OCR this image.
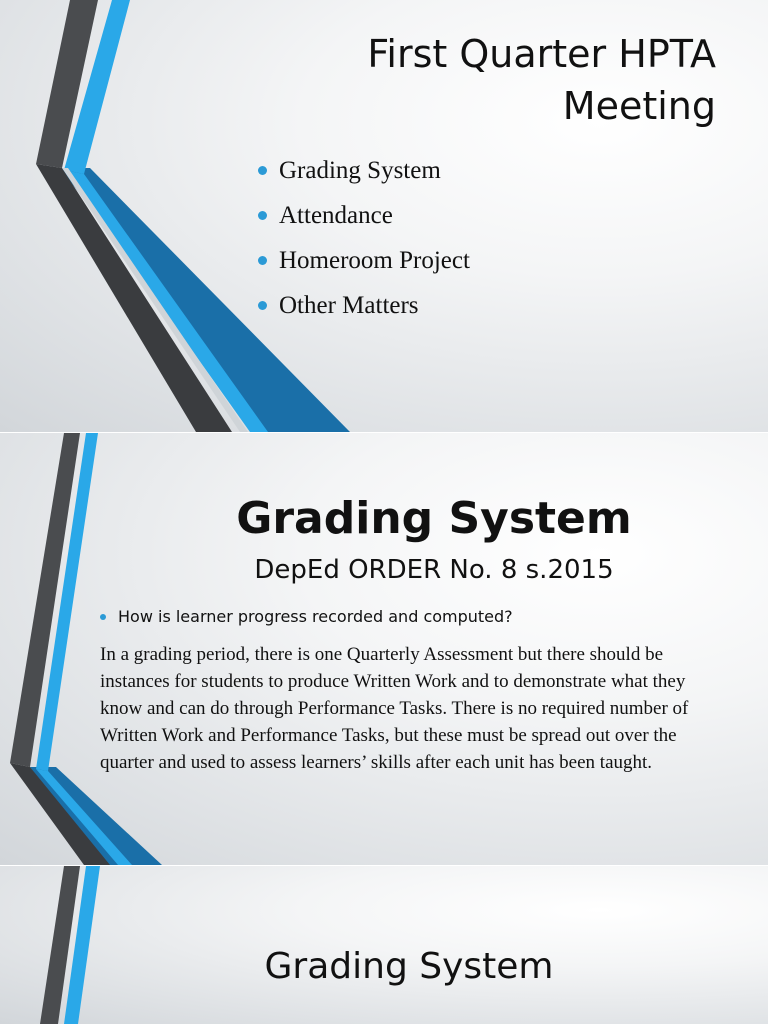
First Quarter HPTA Meeting
Grading System
Attendance
Homeroom Project
Other Matters
Grading System
DepEd ORDER No. 8 s.2015
How is learner progress recorded and computed?

In a grading period, there is one Quarterly Assessment but there should be instances for students to produce Written Work and to demonstrate what they know and can do through Performance Tasks. There is no required number of Written Work and Performance Tasks, but these must be spread out over the quarter and used to assess learners’ skills after each unit has been taught.

Grading System
